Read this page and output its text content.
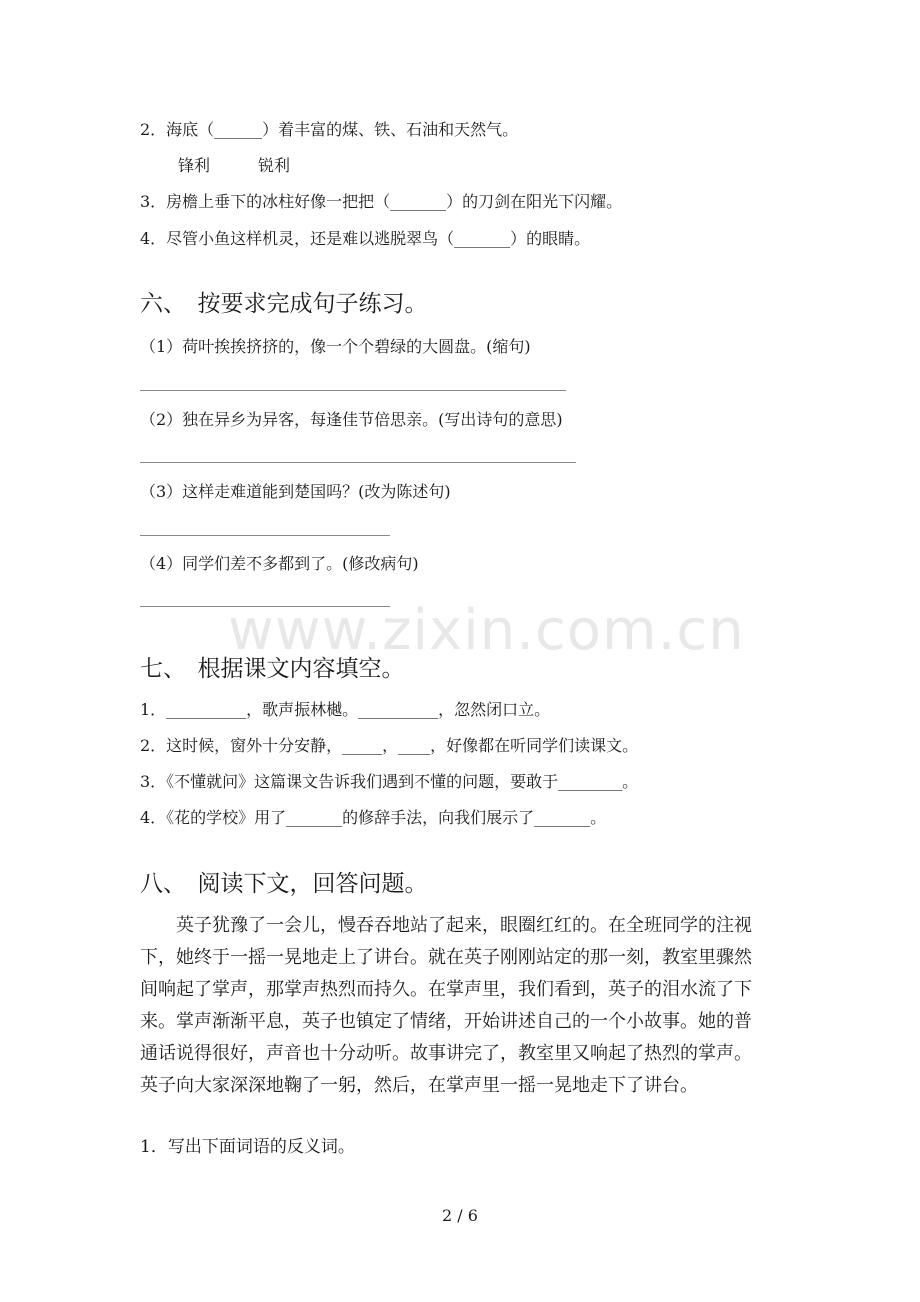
2．海底（______）着丰富的煤、铁、石油和天然气。
锋利　　　锐利
3．房檐上垂下的冰柱好像一把把（_______）的刀剑在阳光下闪耀。
4．尽管小鱼这样机灵，还是难以逃脱翠鸟（_______）的眼睛。
六、　按要求完成句子练习。
（1）荷叶挨挨挤挤的，像一个个碧绿的大圆盘。(缩句)
（2）独在异乡为异客，每逢佳节倍思亲。(写出诗句的意思)
（3）这样走难道能到楚国吗？(改为陈述句)
（4）同学们差不多都到了。(修改病句)
www.zixin.com.cn
七、　根据课文内容填空。
1．__________，歌声振林樾。__________，忽然闭口立。
2．这时候，窗外十分安静，_____，____，好像都在听同学们读课文。
3．《不懂就问》这篇课文告诉我们遇到不懂的问题，要敢于________。
4．《花的学校》用了_______的修辞手法，向我们展示了_______。
八、　阅读下文，回答问题。
　　英子犹豫了一会儿，慢吞吞地站了起来，眼圈红红的。在全班同学的注视
下，她终于一摇一晃地走上了讲台。就在英子刚刚站定的那一刻，教室里骤然
间响起了掌声，那掌声热烈而持久。在掌声里，我们看到，英子的泪水流了下
来。掌声渐渐平息，英子也镇定了情绪，开始讲述自己的一个小故事。她的普
通话说得很好，声音也十分动听。故事讲完了，教室里又响起了热烈的掌声。
英子向大家深深地鞠了一躬，然后，在掌声里一摇一晃地走下了讲台。
1．写出下面词语的反义词。
2 / 6
